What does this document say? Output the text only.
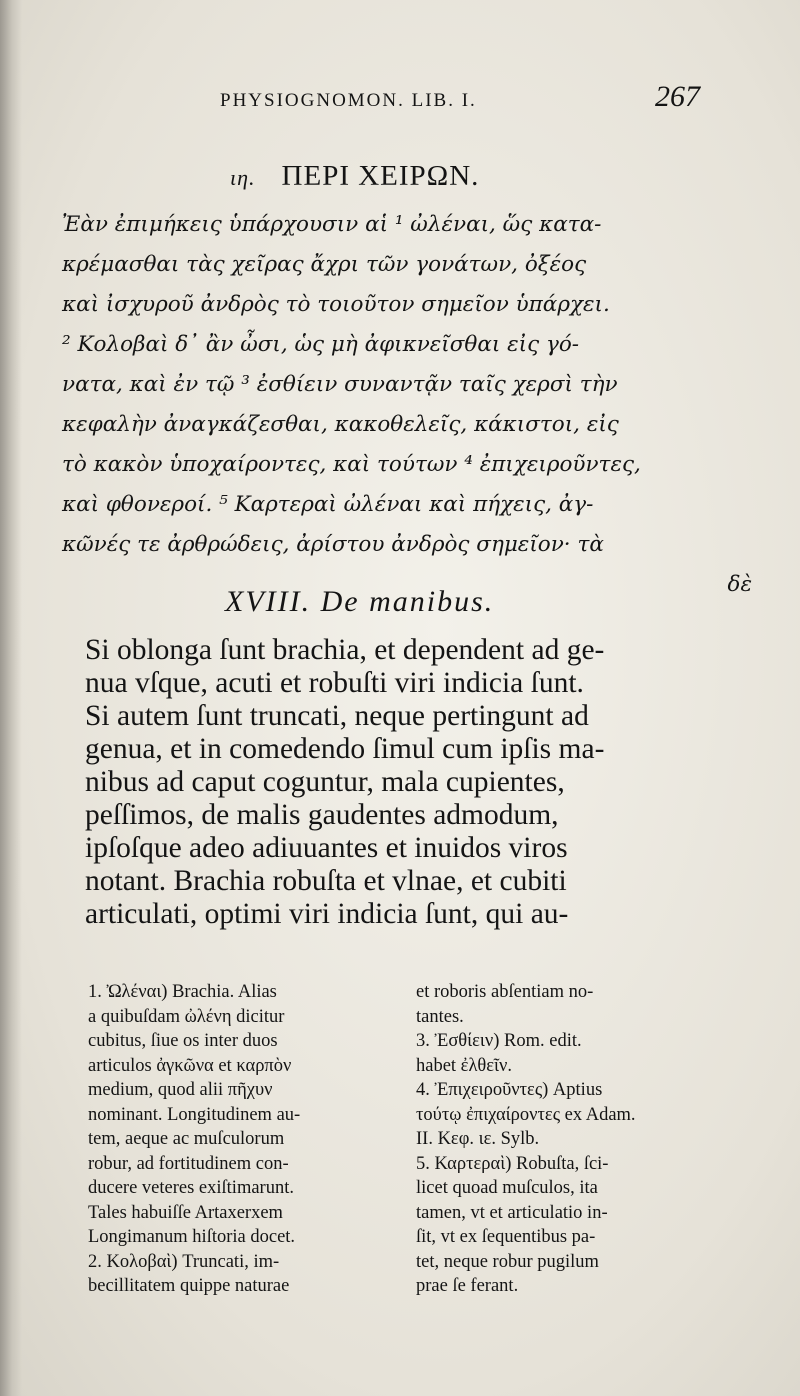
PHYSIOGNOMON. LIB. I.	267
ιη. ΠΕΡΙ ΧΕΙΡΩΝ.
Ἐὰν ἐπιμήκεις ὑπάρχουσιν αἱ ¹ ὠλέναι, ὥς κατα-
κρέμασθαι τὰς χεῖρας ἄχρι τῶν γονάτων, ὀξέος
καὶ ἰσχυροῦ ἀνδρὸς τὸ τοιοῦτον σημεῖον ὑπάρχει.
² Κολοβαὶ δ᾽ ἂν ὦσι, ὡς μὴ ἀφικνεῖσθαι εἰς γό-
νατα, καὶ ἐν τῷ ³ ἐσθίειν συναντᾷν ταῖς χερσὶ τὴν
κεφαλὴν ἀναγκάζεσθαι, κακοθελεῖς, κάκιστοι, εἰς
τὸ κακὸν ὑποχαίροντες, καὶ τούτων ⁴ ἐπιχειροῦντες,
καὶ φθονεροί. ⁵ Καρτεραὶ ὠλέναι καὶ πήχεις, ἀγ-
κῶνές τε ἀρθρώδεις, ἀρίστου ἀνδρὸς σημεῖον· τὰ
δὲ
XVIII. De manibus.
Si oblonga ſunt brachia, et dependent ad ge-
nua vſque, acuti et robuſti viri indicia ſunt.
Si autem ſunt truncati, neque pertingunt ad
genua, et in comedendo ſimul cum ipſis ma-
nibus ad caput coguntur, mala cupientes,
peſſimos, de malis gaudentes admodum,
ipſoſque adeo adiuuantes et inuidos viros
notant. Brachia robuſta et vlnae, et cubiti
articulati, optimi viri indicia ſunt, qui au-
1. Ὠλέναι) Brachia. Alias
a quibuſdam ὠλένη dicitur
cubitus, ſiue os inter duos
articulos ἀγκῶνα et καρπὸν
medium, quod alii πῆχυν
nominant. Longitudinem au-
tem, aeque ac muſculorum
robur, ad fortitudinem con-
ducere veteres exiſtimarunt.
Tales habuiſſe Artaxerxem
Longimanum hiſtoria docet.
2. Κολοβαὶ) Truncati, im-
becillitatem quippe naturae
et roboris abſentiam no-
tantes.
3. Ἐσθίειν) Rom. edit.
habet ἐλθεῖν.
4. Ἐπιχειροῦντες) Aptius
τούτῳ ἐπιχαίροντες ex Adam.
II. Κεφ. ιε. Sylb.
5. Καρτεραὶ) Robuſta, ſci-
licet quoad muſculos, ita
tamen, vt et articulatio in-
ſit, vt ex ſequentibus pa-
tet, neque robur pugilum
prae ſe ferant.
